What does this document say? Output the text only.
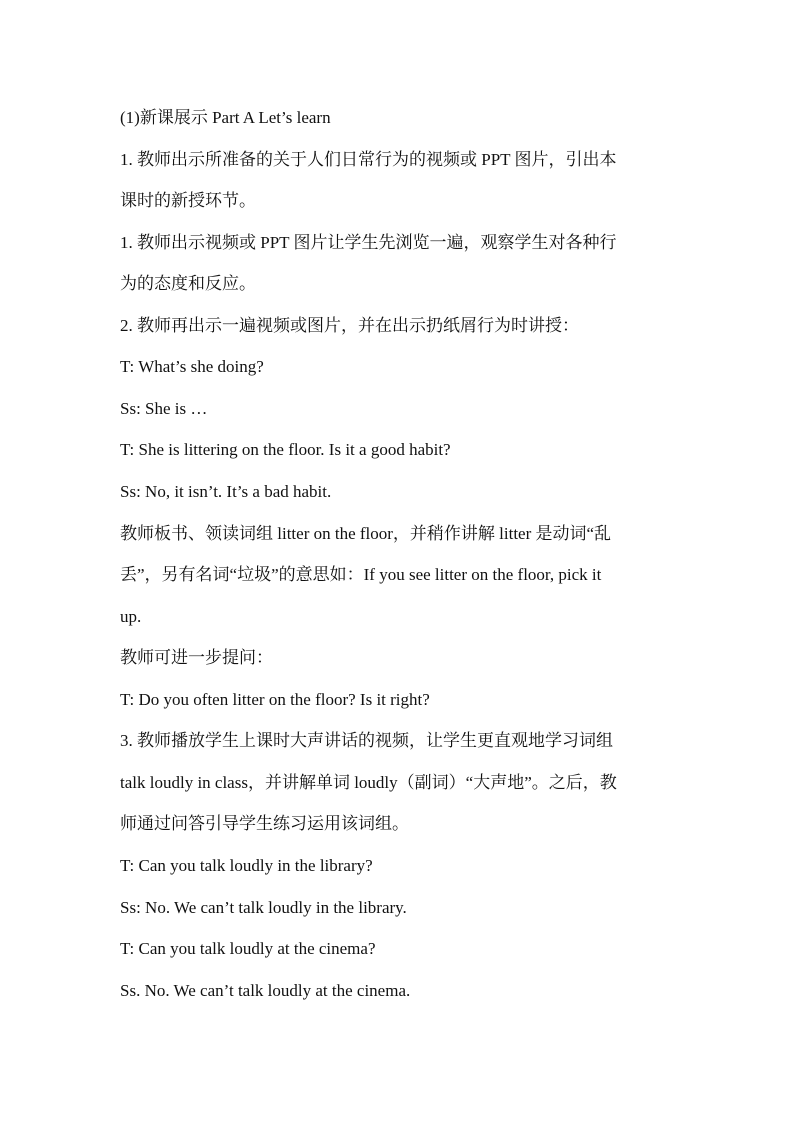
(1)新课展示 Part A Let’s learn

1. 教师出示所准备的关于人们日常行为的视频或 PPT 图片，引出本

课时的新授环节。

1. 教师出示视频或 PPT 图片让学生先浏览一遍，观察学生对各种行

为的态度和反应。

2. 教师再出示一遍视频或图片，并在出示扔纸屑行为时讲授：

T: What’s she doing?

Ss: She is …

T: She is littering on the floor. Is it a good habit?

Ss: No, it isn’t. It’s a bad habit.

教师板书、领读词组 litter on the floor，并稍作讲解 litter 是动词“乱

丢”，另有名词“垃圾”的意思如：If you see litter on the floor, pick it

up.

教师可进一步提问：

T: Do you often litter on the floor? Is it right?

3. 教师播放学生上课时大声讲话的视频，让学生更直观地学习词组

talk loudly in class，并讲解单词 loudly（副词）“大声地”。之后，教

师通过问答引导学生练习运用该词组。

T: Can you talk loudly in the library?

Ss: No. We can’t talk loudly in the library.

T: Can you talk loudly at the cinema?

Ss. No. We can’t talk loudly at the cinema.
